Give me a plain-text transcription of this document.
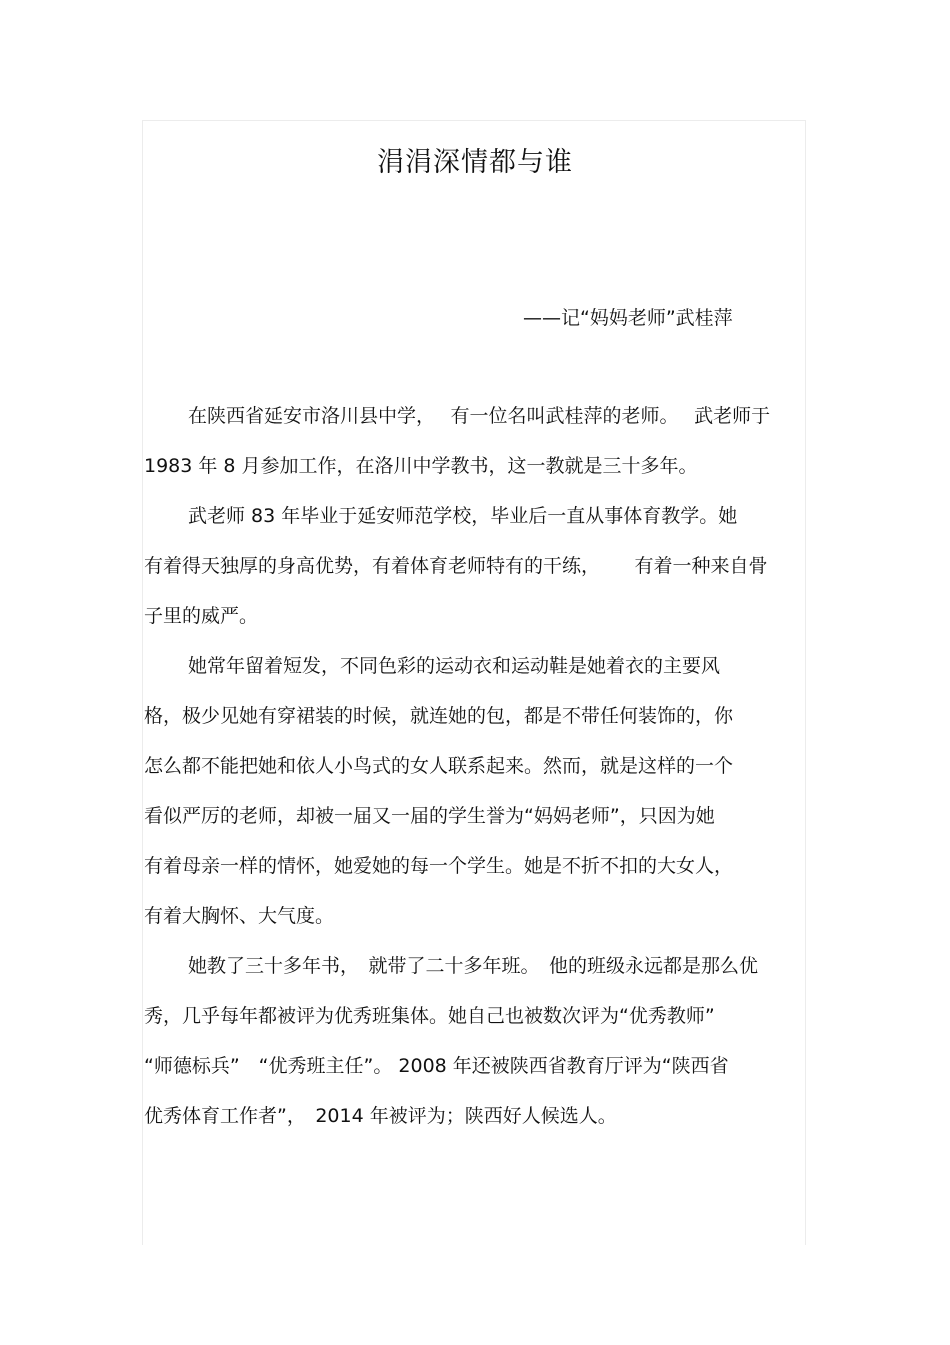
涓涓深情都与谁
——记“妈妈老师”武桂萍
在陕西省延安市洛川县中学，　 有一位名叫武桂萍的老师。　 武老师于
1983 年 8 月参加工作，在洛川中学教书，这一教就是三十多年。
武老师 83 年毕业于延安师范学校，毕业后一直从事体育教学。她
有着得天独厚的身高优势，有着体育老师特有的干练，　　 有着一种来自骨
子里的威严。
她常年留着短发，不同色彩的运动衣和运动鞋是她着衣的主要风
格，极少见她有穿裙装的时候，就连她的包，都是不带任何装饰的，你
怎么都不能把她和依人小鸟式的女人联系起来。然而，就是这样的一个
看似严厉的老师，却被一届又一届的学生誉为“妈妈老师”，只因为她
有着母亲一样的情怀，她爱她的每一个学生。她是不折不扣的大女人，
有着大胸怀、大气度。
她教了三十多年书，　就带了二十多年班。　他的班级永远都是那么优
秀，几乎每年都被评为优秀班集体。她自己也被数次评为“优秀教师”
“师德标兵”　“优秀班主任”。 2008 年还被陕西省教育厅评为“陕西省
优秀体育工作者”，　2014 年被评为；陕西好人候选人。
